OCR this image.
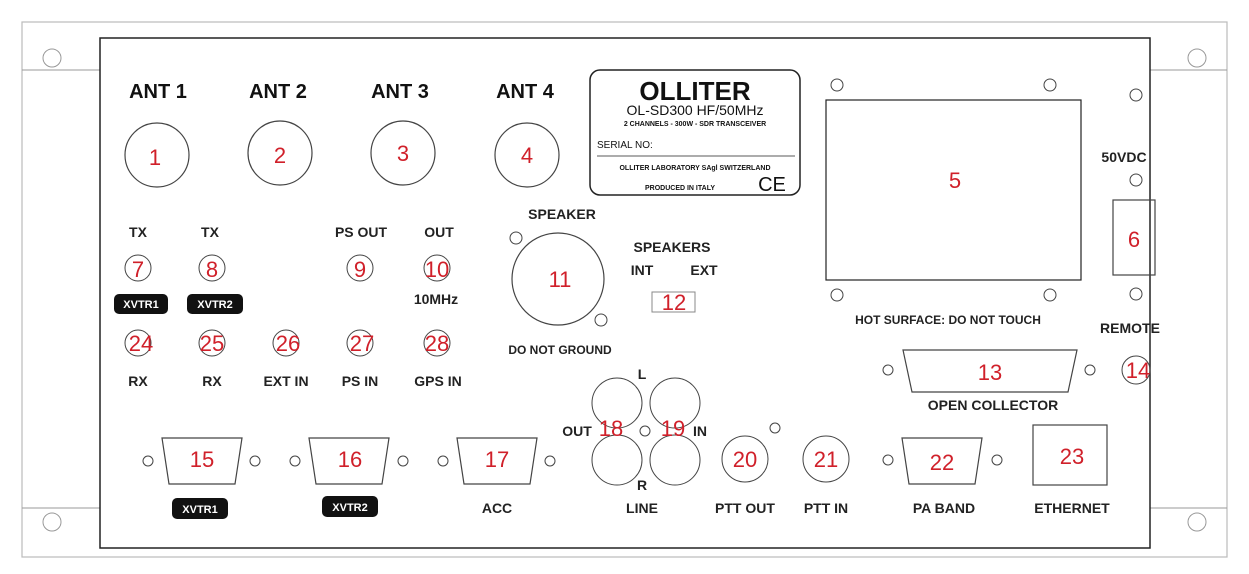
ANT 1	ANT 2	ANT 3	ANT 4
1	2	3	4
OLLITER
OL-SD300 HF/50MHz
2 CHANNELS - 300W - SDR TRANSCEIVER
SERIAL NO:
OLLITER LABORATORY SAgl SWITZERLAND
PRODUCED IN ITALY CE	5
HOT SURFACE: DO NOT TOUCH
50VDC
6
REMOTE
14
TX	TX	PS OUT	OUT
7	8	9	10
XVTR1	XVTR2	10MHz
24 25 26 27 28
RX	RX	EXT IN PS IN	GPS IN
SPEAKER
11
DO NOT GROUND
SPEAKERS
INT	EXT
12
13
OPEN COLLECTOR
L
OUT 18 19 IN
R
LINE
15
XVTR1
16
XVTR2
17
ACC
20
PTT OUT
21
PTT IN
22
PA BAND
23
ETHERNET
